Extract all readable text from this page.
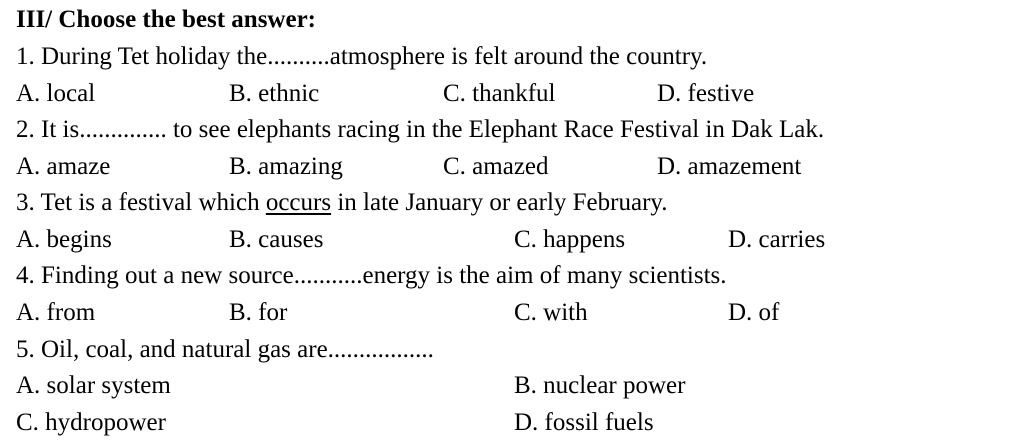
III/ Choose the best answer:
1. During Tet holiday the..........atmosphere is felt around the country.
A. local	B. ethnic	C. thankful	D. festive
2. It is.............. to see elephants racing in the Elephant Race Festival in Dak Lak.
A. amaze	B. amazing	C. amazed	D. amazement
3. Tet is a festival which occurs in late January or early February.
A. begins	B. causes	C. happens	D. carries
4. Finding out a new source...........energy is the aim of many scientists.
A. from	B. for	C. with	D. of
5. Oil, coal, and natural gas are.................
A. solar system	B. nuclear power
C. hydropower	D. fossil fuels
